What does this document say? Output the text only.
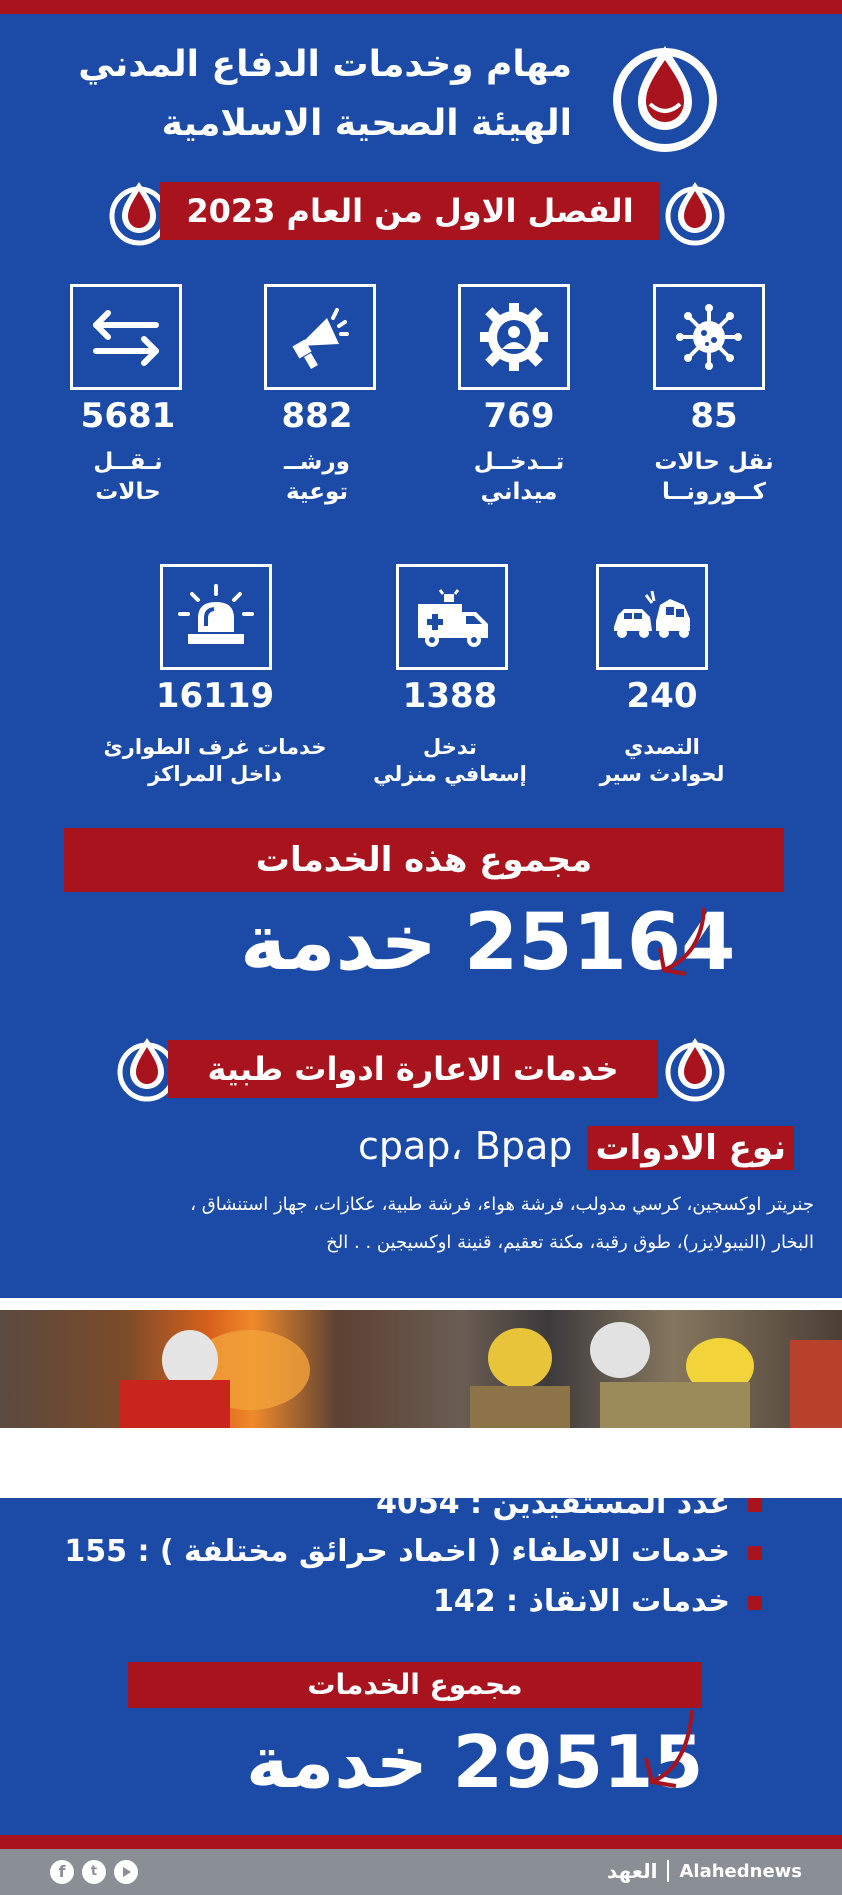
مهام وخدمات الدفاع المدني
الهيئة الصحية الاسلامية
الفصل الاول من العام 2023
85
نقل حالات
كــورونــا
769
تــدخــل
ميداني
882
ورشــ
توعية
5681
نـقــل
حالات
240
التصدي
لحوادث سير
1388
تدخل
إسعافي منزلي
16119
خدمات غرف الطوارئ
داخل المراكز
مجموع هذه الخدمات
25164 خدمة
خدمات الاعارة ادوات طبية
نوع الادوات cpap، Bpap
جنريتر اوكسجين، كرسي مدولب، فرشة هواء، فرشة طبية، عكازات، جهاز استنشاق ،
البخار (النيبولايزر)، طوق رقبة، مكنة تعقيم، قنينة اوكسيجين . . الخ
عدد المستفيدين : 4054
خدمات الاطفاء ( اخماد حرائق مختلفة ) : 155
خدمات الانقاذ : 142
مجموع الخدمات
29515 خدمة
f	t	العهد Alahednews
